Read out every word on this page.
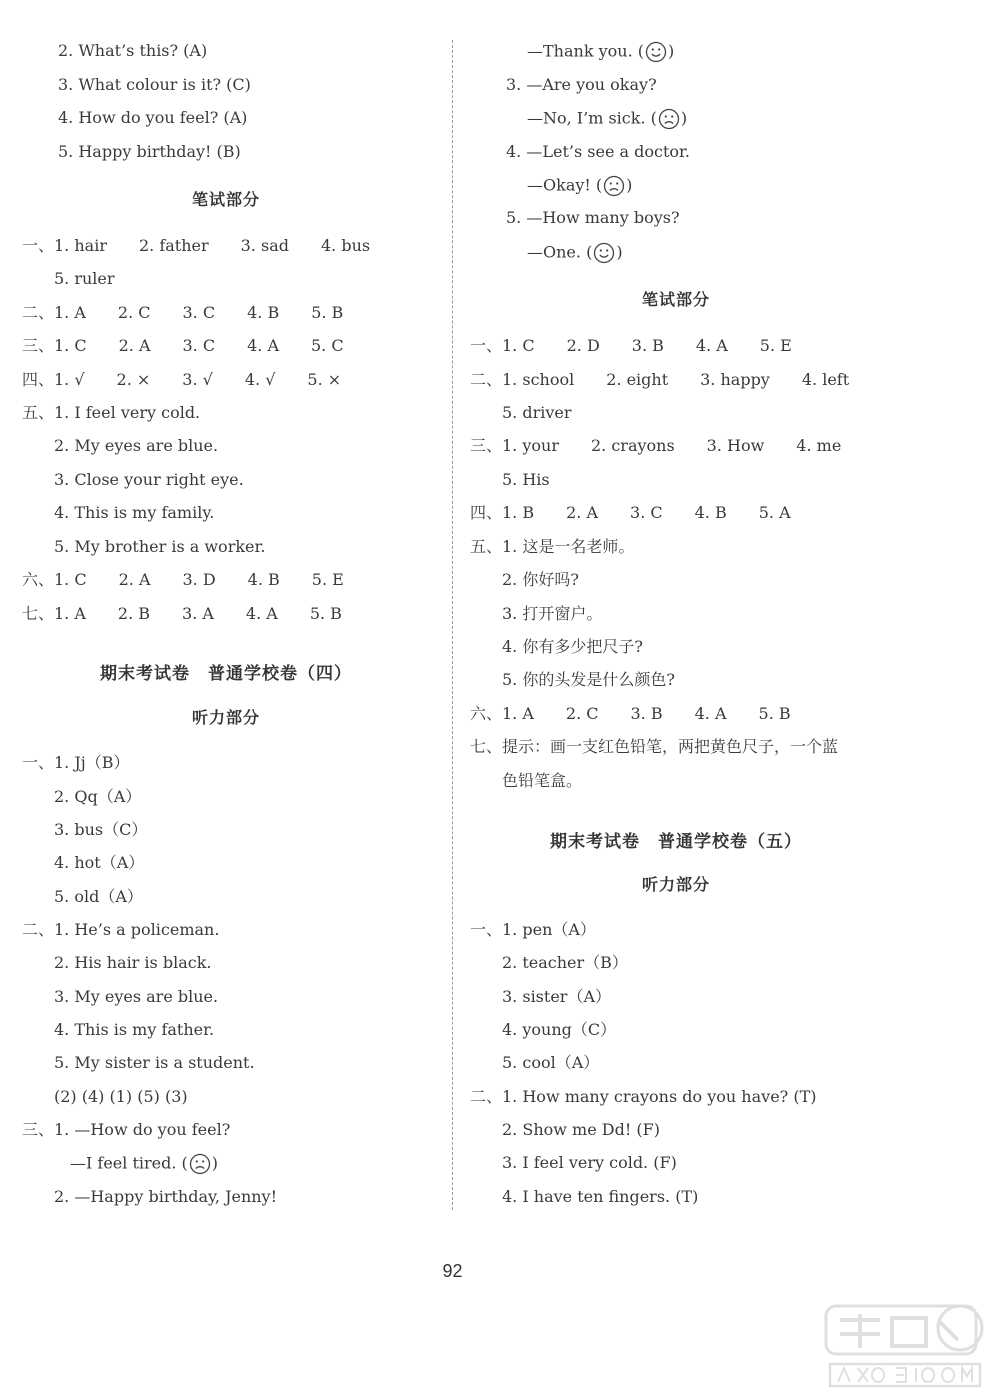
2. What’s this? (A)
3. What colour is it? (C)
4. How do you feel? (A)
5. Happy birthday! (B)
笔试部分
一、1. hair　　2. father　　3. sad　　4. bus
　　5. ruler
二、1. A　　2. C　　3. C　　4. B　　5. B
三、1. C　　2. A　　3. C　　4. A　　5. C
四、1. √　　2. ×　　3. √　　4. √　　5. ×
五、1. I feel very cold.
　　2. My eyes are blue.
　　3. Close your right eye.
　　4. This is my family.
　　5. My brother is a worker.
六、1. C　　2. A　　3. D　　4. B　　5. E
七、1. A　　2. B　　3. A　　4. A　　5. B
期末考试卷　普通学校卷（四）
听力部分
一、1. Jj（B）
　　2. Qq（A）
　　3. bus（C）
　　4. hot（A）
　　5. old（A）
二、1. He’s a policeman.
　　2. His hair is black.
　　3. My eyes are blue.
　　4. This is my father.
　　5. My sister is a student.
　　(2) (4) (1) (5) (3)
三、1. —How do you feel?
　　　—I feel tired. ( )
　　2. —Happy birthday, Jenny!
—Thank you. ( )
3. —Are you okay?
—No, I’m sick. ( )
4. —Let’s see a doctor.
—Okay! ( )
5. —How many boys?
—One. ( )
笔试部分
一、1. C　　2. D　　3. B　　4. A　　5. E
二、1. school　　2. eight　　3. happy　　4. left
　　5. driver
三、1. your　　2. crayons　　3. How　　4. me
　　5. His
四、1. B　　2. A　　3. C　　4. B　　5. A
五、1. 这是一名老师。
　　2. 你好吗?
　　3. 打开窗户。
　　4. 你有多少把尺子?
　　5. 你的头发是什么颜色?
六、1. A　　2. C　　3. B　　4. A　　5. B
七、提示：画一支红色铅笔，两把黄色尺子，一个蓝
　　色铅笔盒。
期末考试卷　普通学校卷（五）
听力部分
一、1. pen（A）
　　2. teacher（B）
　　3. sister（A）
　　4. young（C）
　　5. cool（A）
二、1. How many crayons do you have? (T)
　　2. Show me Dd! (F)
　　3. I feel very cold. (F)
　　4. I have ten fingers. (T)
92
